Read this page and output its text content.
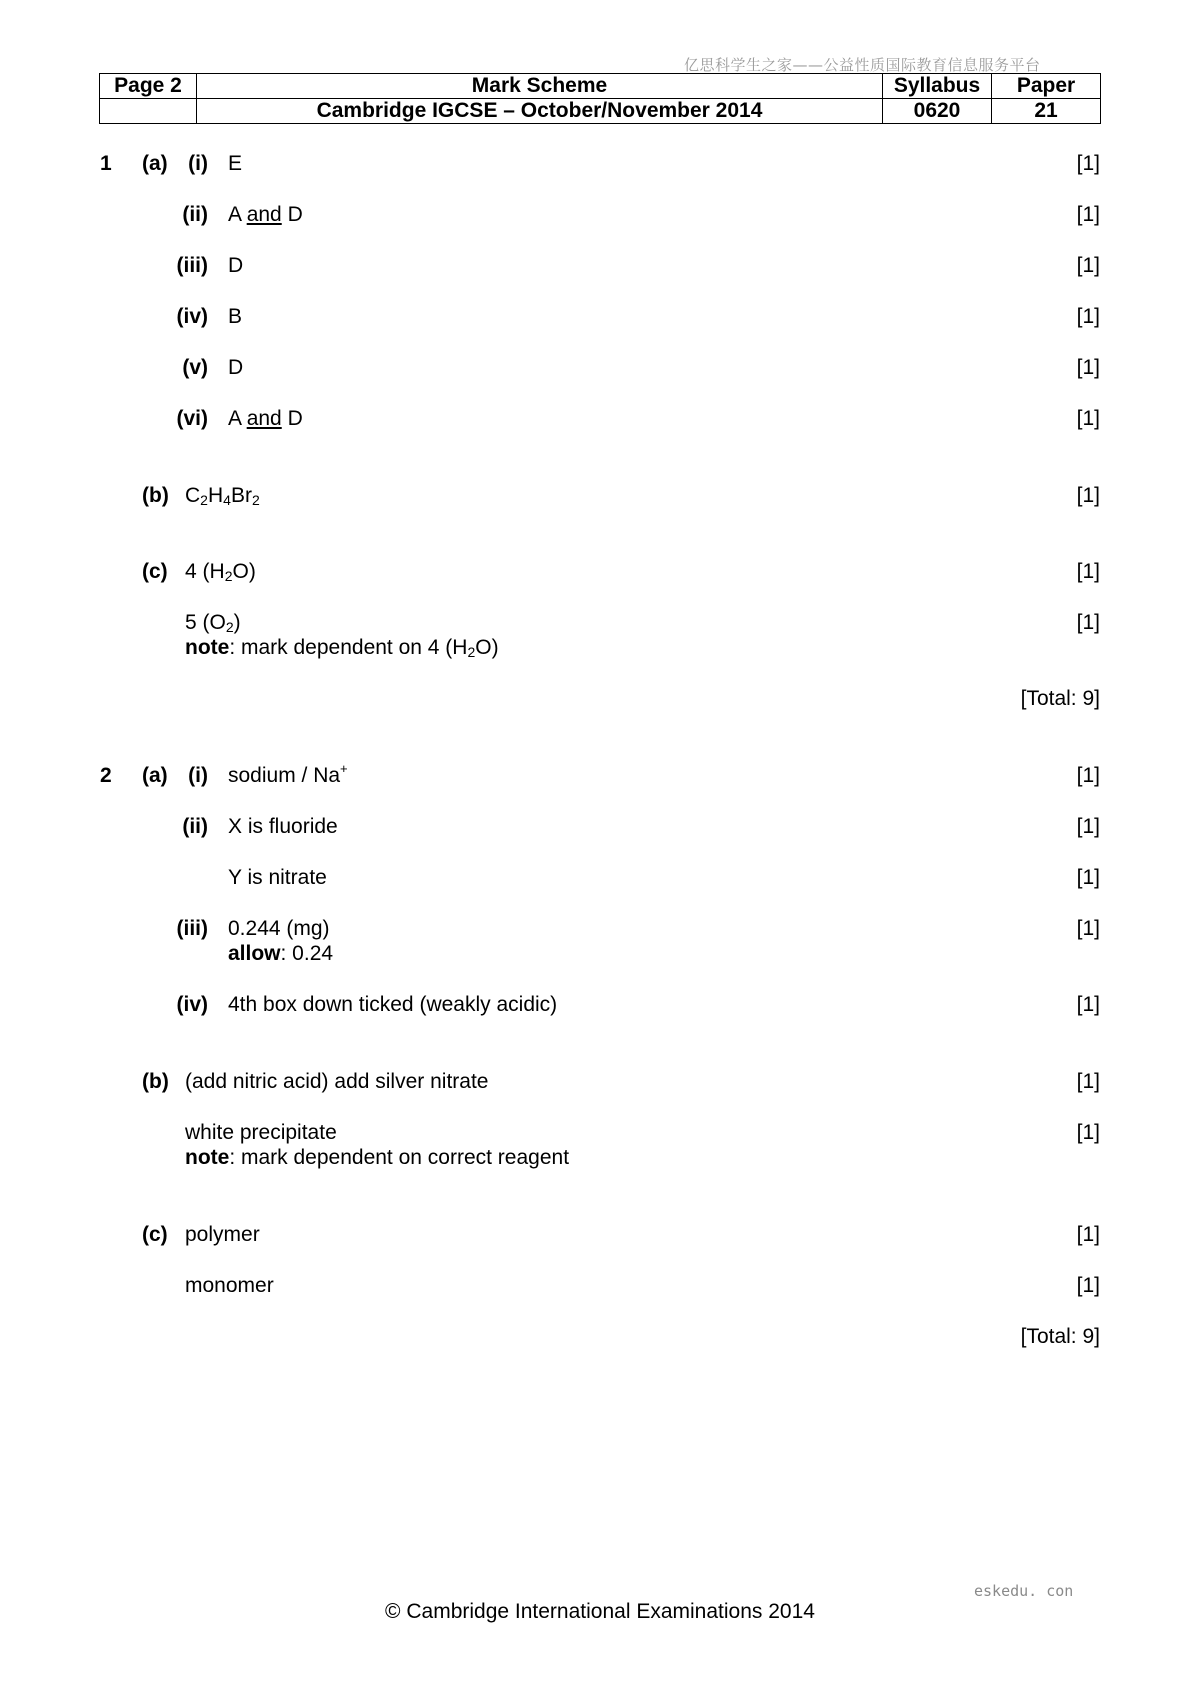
亿思科学生之家——公益性质国际教育信息服务平台
Page 2	Mark Scheme	Syllabus	Paper
	Cambridge IGCSE – October/November 2014	0620	21
1 (a) (i) E	[1]
(ii) A and D	[1]
(iii) D	[1]
(iv) B	[1]
(v) D	[1]
(vi) A and D	[1]
(b) $C_2H_4Br_2$	[1]
(c) 4 $(H_2O)$	[1]
5 $(O_2)$	[1]
note: mark dependent on 4 $(H_2O)$
[Total: 9]
2 (a) (i) sodium / Na+	[1]
(ii) X is fluoride	[1]
Y is nitrate	[1]
(iii) 0.244 (mg)	[1]
allow: 0.24
(iv) 4th box down ticked (weakly acidic)	[1]
(b) (add nitric acid) add silver nitrate	[1]
white precipitate	[1]
note: mark dependent on correct reagent
(c) polymer	[1]
monomer	[1]
[Total: 9]
eskedu. con
© Cambridge International Examinations 2014
